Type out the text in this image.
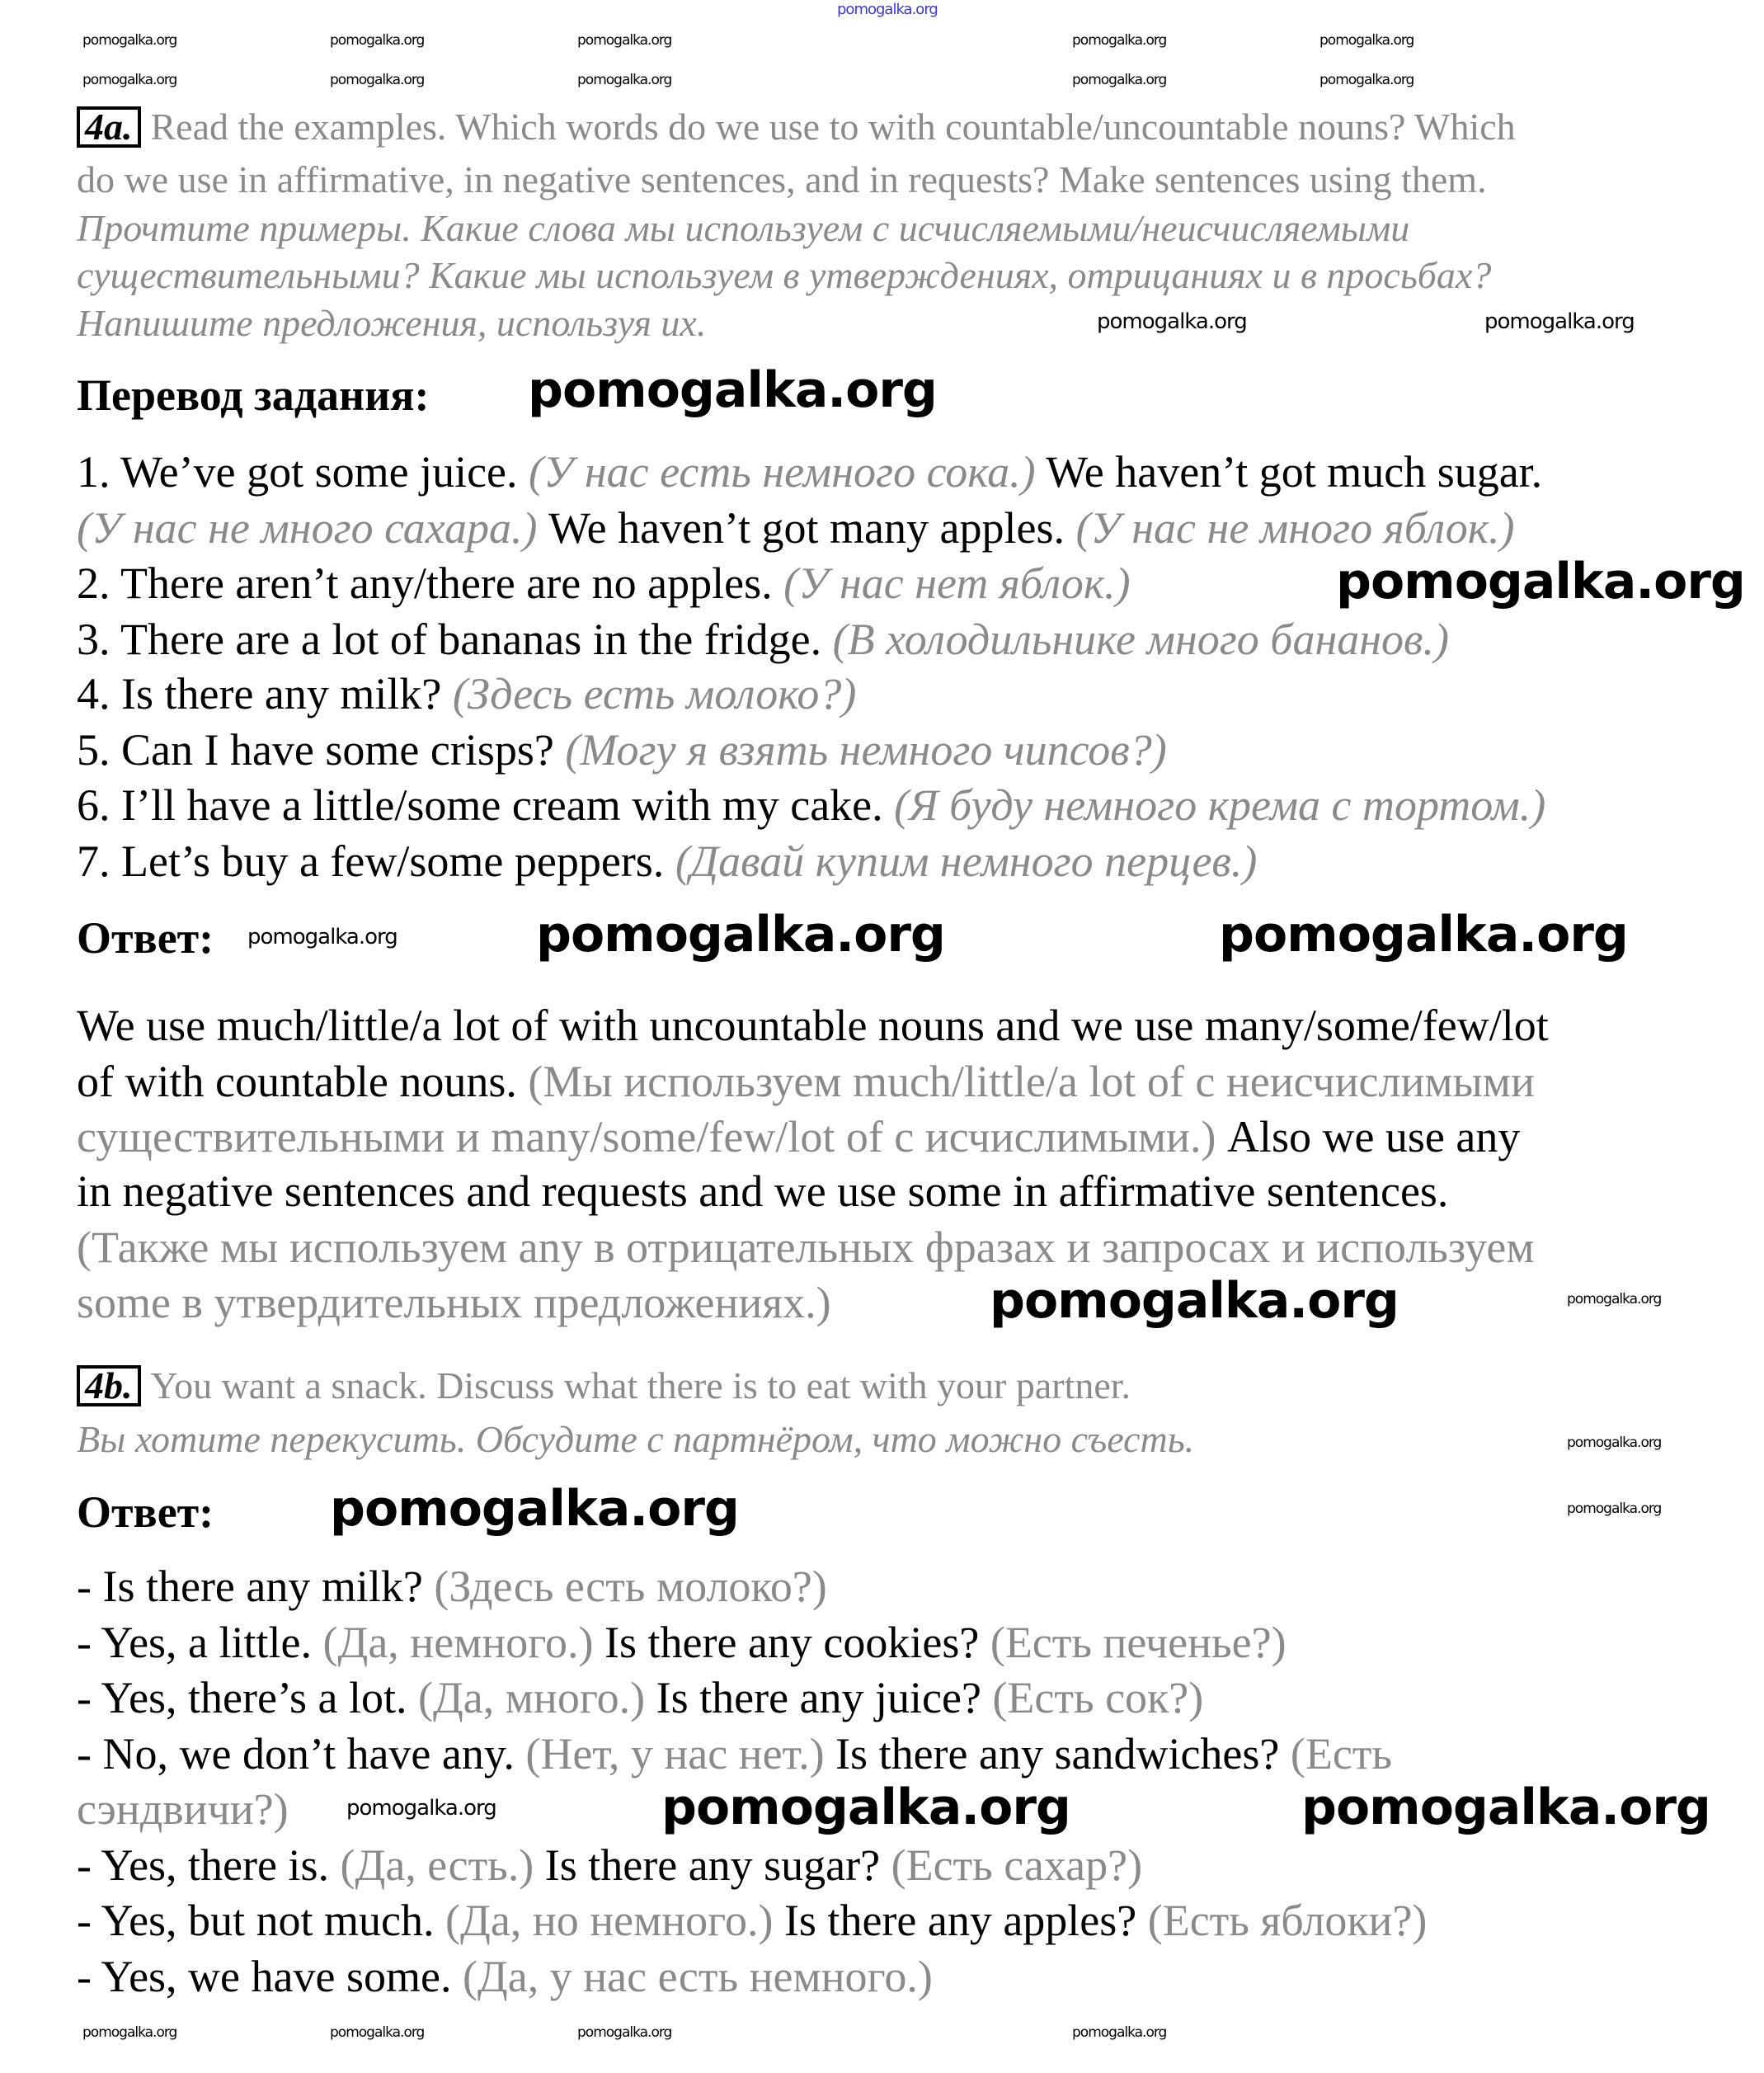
4a. Read the examples. Which words do we use to with countable/uncountable nouns? Which
do we use in affirmative, in negative sentences, and in requests? Make sentences using them.
Прочтите примеры. Какие слова мы используем с исчисляемыми/неисчисляемыми
существительными? Какие мы используем в утверждениях, отрицаниях и в просьбах?
Напишите предложения, используя их.
Перевод задания:
1. We’ve got some juice. (У нас есть немного сока.) We haven’t got much sugar.
(У нас не много сахара.) We haven’t got many apples. (У нас не много яблок.)
2. There aren’t any/there are no apples. (У нас нет яблок.)
3. There are a lot of bananas in the fridge. (В холодильнике много бананов.)
4. Is there any milk? (Здесь есть молоко?)
5. Can I have some crisps? (Могу я взять немного чипсов?)
6. I’ll have a little/some cream with my cake. (Я буду немного крема с тортом.)
7. Let’s buy a few/some peppers. (Давай купим немного перцев.)
Ответ:
We use much/little/a lot of with uncountable nouns and we use many/some/few/lot
of with countable nouns. (Мы используем much/little/a lot of с неисчислимыми
существительными и many/some/few/lot of с исчислимыми.) Also we use any
in negative sentences and requests and we use some in affirmative sentences.
(Также мы используем any в отрицательных фразах и запросах и используем
some в утвердительных предложениях.)
4b. You want a snack. Discuss what there is to eat with your partner.
Вы хотите перекусить. Обсудите с партнёром, что можно съесть.
Ответ:
- Is there any milk? (Здесь есть молоко?)
- Yes, a little. (Да, немного.) Is there any cookies? (Есть печенье?)
- Yes, there’s a lot. (Да, много.) Is there any juice? (Есть сок?)
- No, we don’t have any. (Нет, у нас нет.) Is there any sandwiches? (Есть
сэндвичи?)
- Yes, there is. (Да, есть.) Is there any sugar? (Есть сахар?)
- Yes, but not much. (Да, но немного.) Is there any apples? (Есть яблоки?)
- Yes, we have some. (Да, у нас есть немного.)
pomogalka.org
pomogalka.org	pomogalka.org	pomogalka.org	pomogalka.org	pomogalka.org
pomogalka.org	pomogalka.org	pomogalka.org	pomogalka.org	pomogalka.org
pomogalka.org	pomogalka.org
pomogalka.org
pomogalka.org
pomogalka.org	pomogalka.org	pomogalka.org
pomogalka.org	pomogalka.org
pomogalka.org
pomogalka.org	pomogalka.org
pomogalka.org	pomogalka.org	pomogalka.org
pomogalka.org	pomogalka.org	pomogalka.org	pomogalka.org
